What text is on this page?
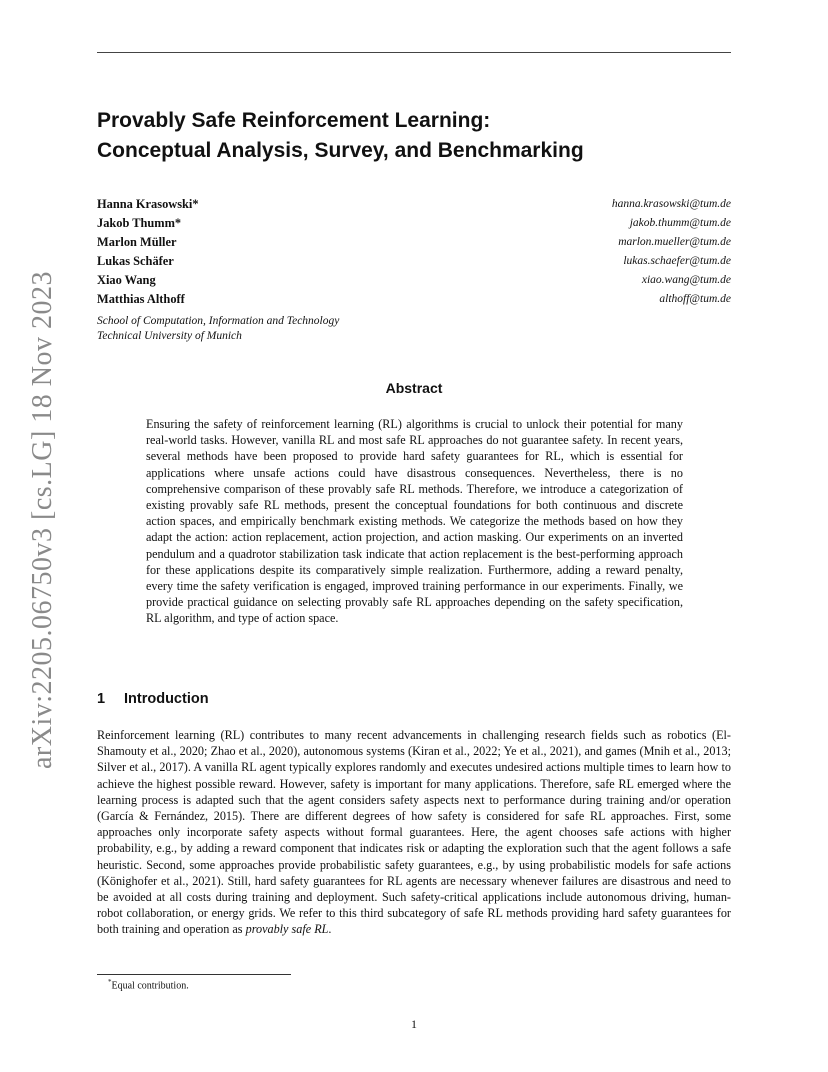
arXiv:2205.06750v3 [cs.LG] 18 Nov 2023
Provably Safe Reinforcement Learning:
Conceptual Analysis, Survey, and Benchmarking
Hanna Krasowski*	hanna.krasowski@tum.de
Jakob Thumm*	jakob.thumm@tum.de
Marlon Müller	marlon.mueller@tum.de
Lukas Schäfer	lukas.schaefer@tum.de
Xiao Wang	xiao.wang@tum.de
Matthias Althoff	althoff@tum.de
School of Computation, Information and Technology
Technical University of Munich
Abstract
Ensuring the safety of reinforcement learning (RL) algorithms is crucial to unlock their potential for many real-world tasks. However, vanilla RL and most safe RL approaches do not guarantee safety. In recent years, several methods have been proposed to provide hard safety guarantees for RL, which is essential for applications where unsafe actions could have disastrous consequences. Nevertheless, there is no comprehensive comparison of these provably safe RL methods. Therefore, we introduce a categorization of existing provably safe RL methods, present the conceptual foundations for both continuous and discrete action spaces, and empirically benchmark existing methods. We categorize the methods based on how they adapt the action: action replacement, action projection, and action masking. Our experiments on an inverted pendulum and a quadrotor stabilization task indicate that action replacement is the best-performing approach for these applications despite its comparatively simple realization. Furthermore, adding a reward penalty, every time the safety verification is engaged, improved training performance in our experiments. Finally, we provide practical guidance on selecting provably safe RL approaches depending on the safety specification, RL algorithm, and type of action space.
1 Introduction
Reinforcement learning (RL) contributes to many recent advancements in challenging research fields such as robotics (El-Shamouty et al., 2020; Zhao et al., 2020), autonomous systems (Kiran et al., 2022; Ye et al., 2021), and games (Mnih et al., 2013; Silver et al., 2017). A vanilla RL agent typically explores randomly and executes undesired actions multiple times to learn how to achieve the highest possible reward. However, safety is important for many applications. Therefore, safe RL emerged where the learning process is adapted such that the agent considers safety aspects next to performance during training and/or operation (García & Fernández, 2015). There are different degrees of how safety is considered for safe RL approaches. First, some approaches only incorporate safety aspects without formal guarantees. Here, the agent chooses safe actions with higher probability, e.g., by adding a reward component that indicates risk or adapting the exploration such that the agent follows a safe heuristic. Second, some approaches provide probabilistic safety guarantees, e.g., by using probabilistic models for safe actions (Könighofer et al., 2021). Still, hard safety guarantees for RL agents are necessary whenever failures are disastrous and need to be avoided at all costs during training and deployment. Such safety-critical applications include autonomous driving, human-robot collaboration, or energy grids. We refer to this third subcategory of safe RL methods providing hard safety guarantees for both training and operation as provably safe RL.
*Equal contribution.
1
